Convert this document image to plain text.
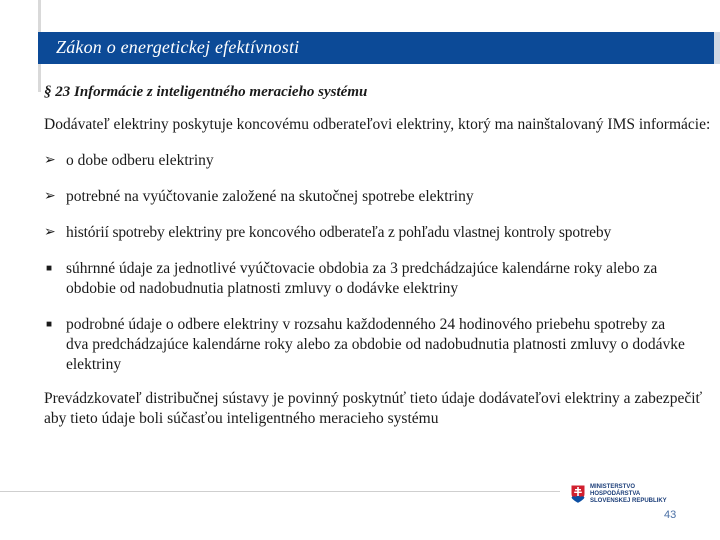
Zákon o energetickej efektívnosti
§ 23 Informácie z inteligentného meracieho systému

Dodávateľ elektriny poskytuje koncovému odberateľovi elektriny, ktorý ma nainštalovaný IMS informácie:

➢ o dobe odberu elektriny
➢ potrebné na vyúčtovanie založené na skutočnej spotrebe elektriny
➢ histórií spotreby elektriny pre koncového odberateľa z pohľadu vlastnej kontroly spotreby
■ súhrnné údaje za jednotlivé vyúčtovacie obdobia za 3 predchádzajúce kalendárne roky alebo za obdobie od nadobudnutia platnosti zmluvy o dodávke elektriny
■ podrobné údaje o odbere elektriny v rozsahu každodenného 24 hodinového priebehu spotreby za dva predchádzajúce kalendárne roky alebo za obdobie od nadobudnutia platnosti zmluvy o dodávke elektriny

Prevádzkovateľ distribučnej sústavy je povinný poskytnúť tieto údaje dodávateľovi elektriny a zabezpečiť aby tieto údaje boli súčasťou inteligentného meracieho systému

MINISTERSTVO
HOSPODÁRSTVA
SLOVENSKEJ REPUBLIKY
43
